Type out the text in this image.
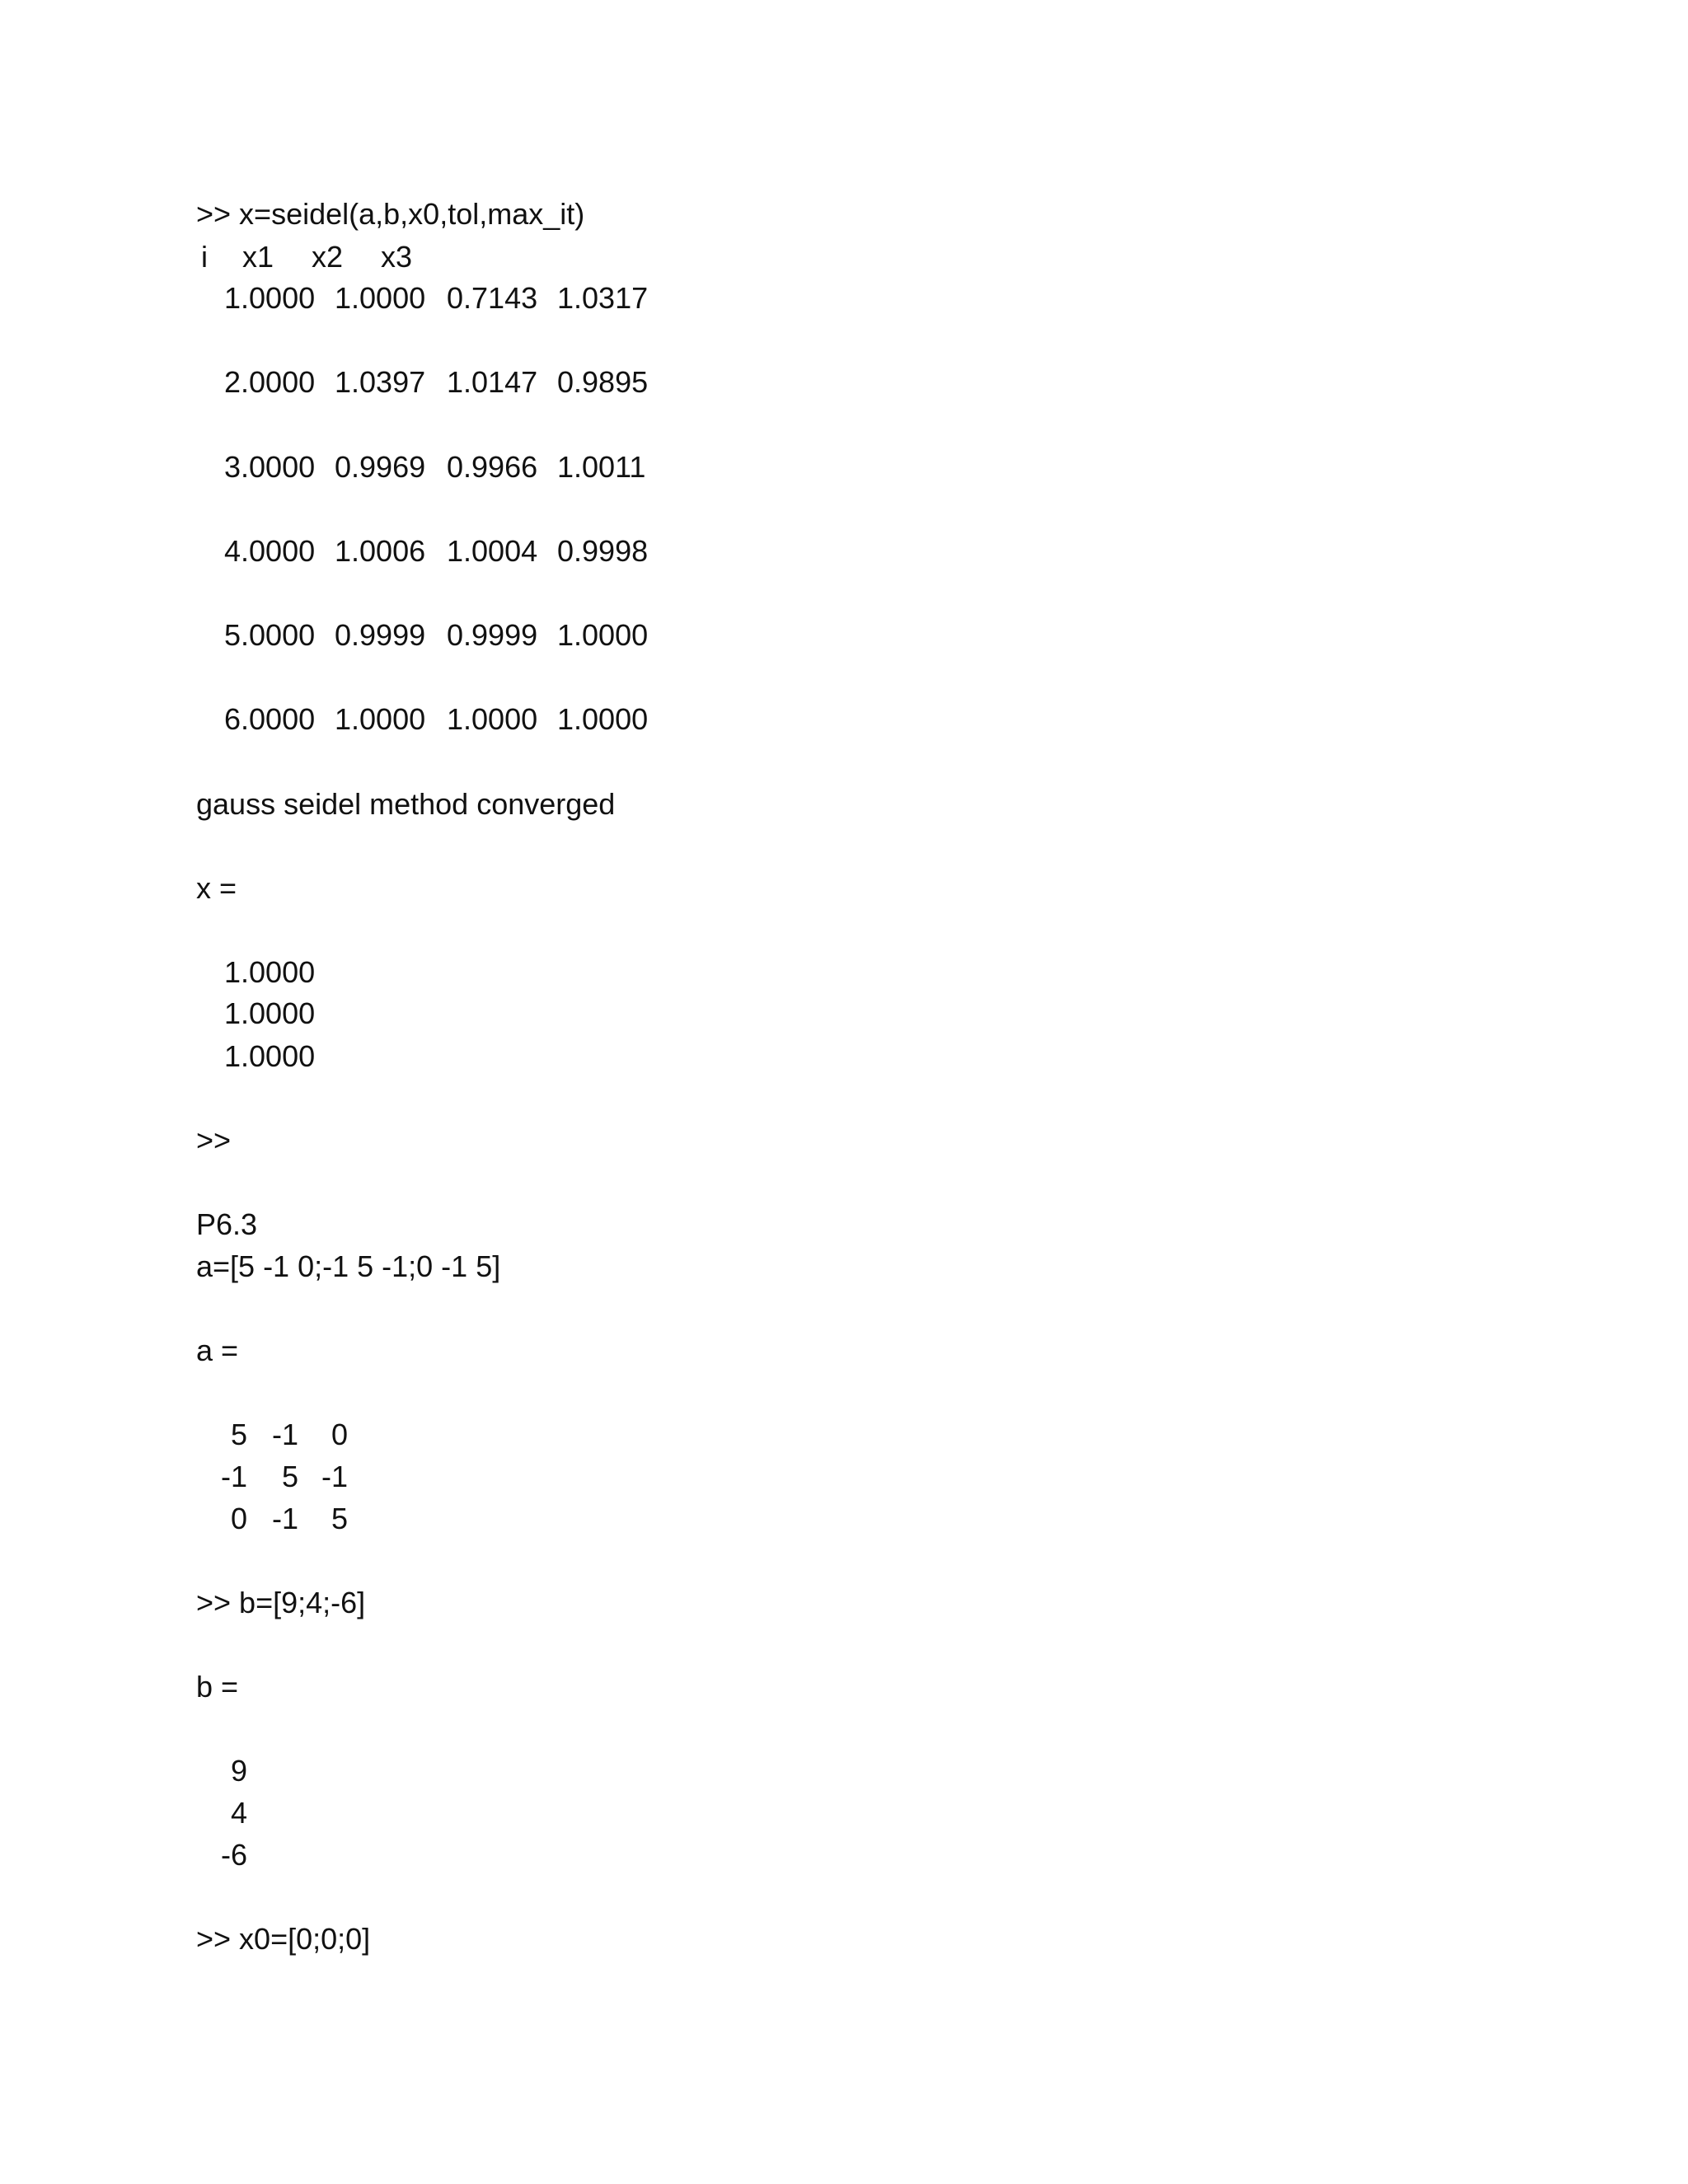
>> x=seidel(a,b,x0,tol,max_it)
i x1 x2 x3
1.0000 1.0000 0.7143 1.0317
2.0000 1.0397 1.0147 0.9895
3.0000 0.9969 0.9966 1.0011
4.0000 1.0006 1.0004 0.9998
5.0000 0.9999 0.9999 1.0000
6.0000 1.0000 1.0000 1.0000
gauss seidel method converged
x =
1.0000
1.0000
1.0000
>>
P6.3
a=[5 -1 0;-1 5 -1;0 -1 5]
a =
5 -1	0
-1	5 -1
0 -1	5
>> b=[9;4;-6]
b =
9
4
-6
>> x0=[0;0;0]
